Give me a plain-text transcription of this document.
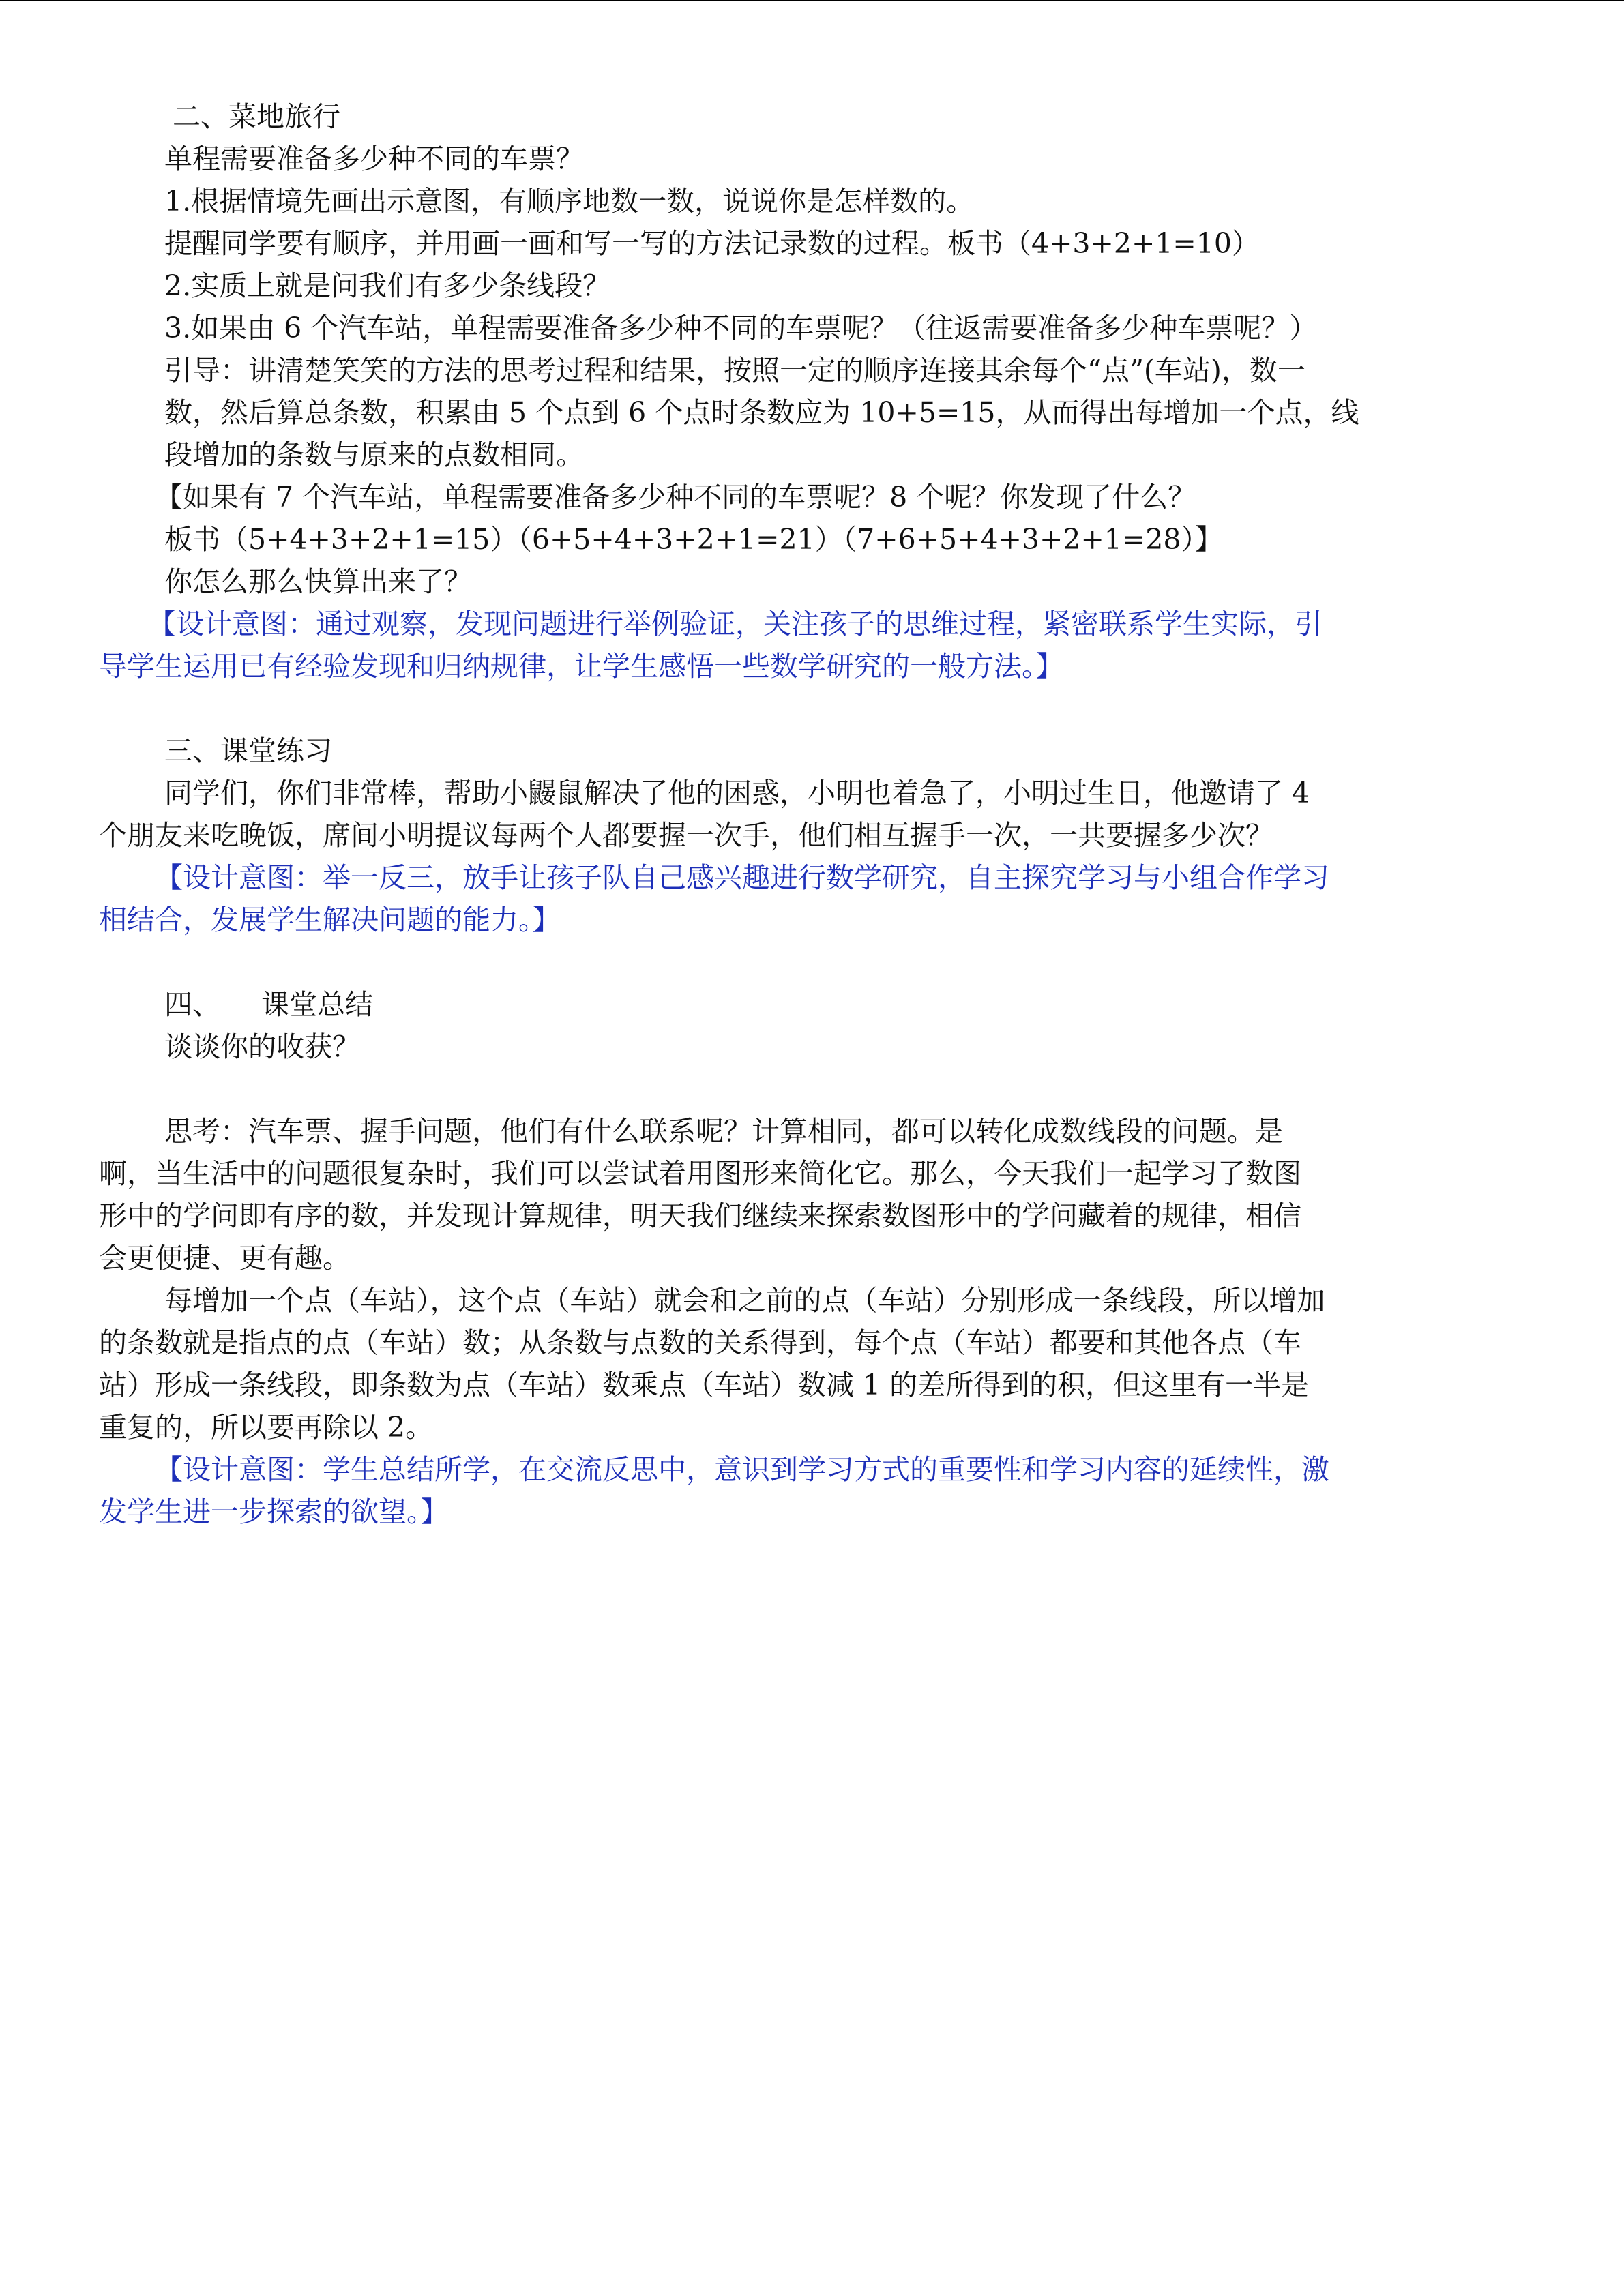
二、菜地旅行
单程需要准备多少种不同的车票？
1.根据情境先画出示意图，有顺序地数一数，说说你是怎样数的。
提醒同学要有顺序，并用画一画和写一写的方法记录数的过程。板书（4+3+2+1=10）
2.实质上就是问我们有多少条线段？
3.如果由 6 个汽车站，单程需要准备多少种不同的车票呢？（往返需要准备多少种车票呢？）
引导：讲清楚笑笑的方法的思考过程和结果，按照一定的顺序连接其余每个“点”(车站)，数一
数，然后算总条数，积累由 5 个点到 6 个点时条数应为 10+5=15，从而得出每增加一个点，线
段增加的条数与原来的点数相同。
【如果有 7 个汽车站，单程需要准备多少种不同的车票呢？8 个呢？你发现了什么？
板书（5+4+3+2+1=15）（6+5+4+3+2+1=21）（7+6+5+4+3+2+1=28）】
你怎么那么快算出来了？
【设计意图：通过观察，发现问题进行举例验证，关注孩子的思维过程，紧密联系学生实际，引
导学生运用已有经验发现和归纳规律，让学生感悟一些数学研究的一般方法。】
三、课堂练习
同学们，你们非常棒，帮助小鼹鼠解决了他的困惑，小明也着急了，小明过生日，他邀请了 4
个朋友来吃晚饭，席间小明提议每两个人都要握一次手，他们相互握手一次，一共要握多少次？
【设计意图：举一反三，放手让孩子队自己感兴趣进行数学研究，自主探究学习与小组合作学习
相结合，发展学生解决问题的能力。】
四、 课堂总结
谈谈你的收获？
思考：汽车票、握手问题，他们有什么联系呢？计算相同，都可以转化成数线段的问题。是
啊，当生活中的问题很复杂时，我们可以尝试着用图形来简化它。那么，今天我们一起学习了数图
形中的学问即有序的数，并发现计算规律，明天我们继续来探索数图形中的学问藏着的规律，相信
会更便捷、更有趣。
每增加一个点（车站），这个点（车站）就会和之前的点（车站）分别形成一条线段，所以增加
的条数就是指点的点（车站）数；从条数与点数的关系得到，每个点（车站）都要和其他各点（车
站）形成一条线段，即条数为点（车站）数乘点（车站）数减 1 的差所得到的积，但这里有一半是
重复的，所以要再除以 2。
【设计意图：学生总结所学，在交流反思中，意识到学习方式的重要性和学习内容的延续性，激
发学生进一步探索的欲望。】
